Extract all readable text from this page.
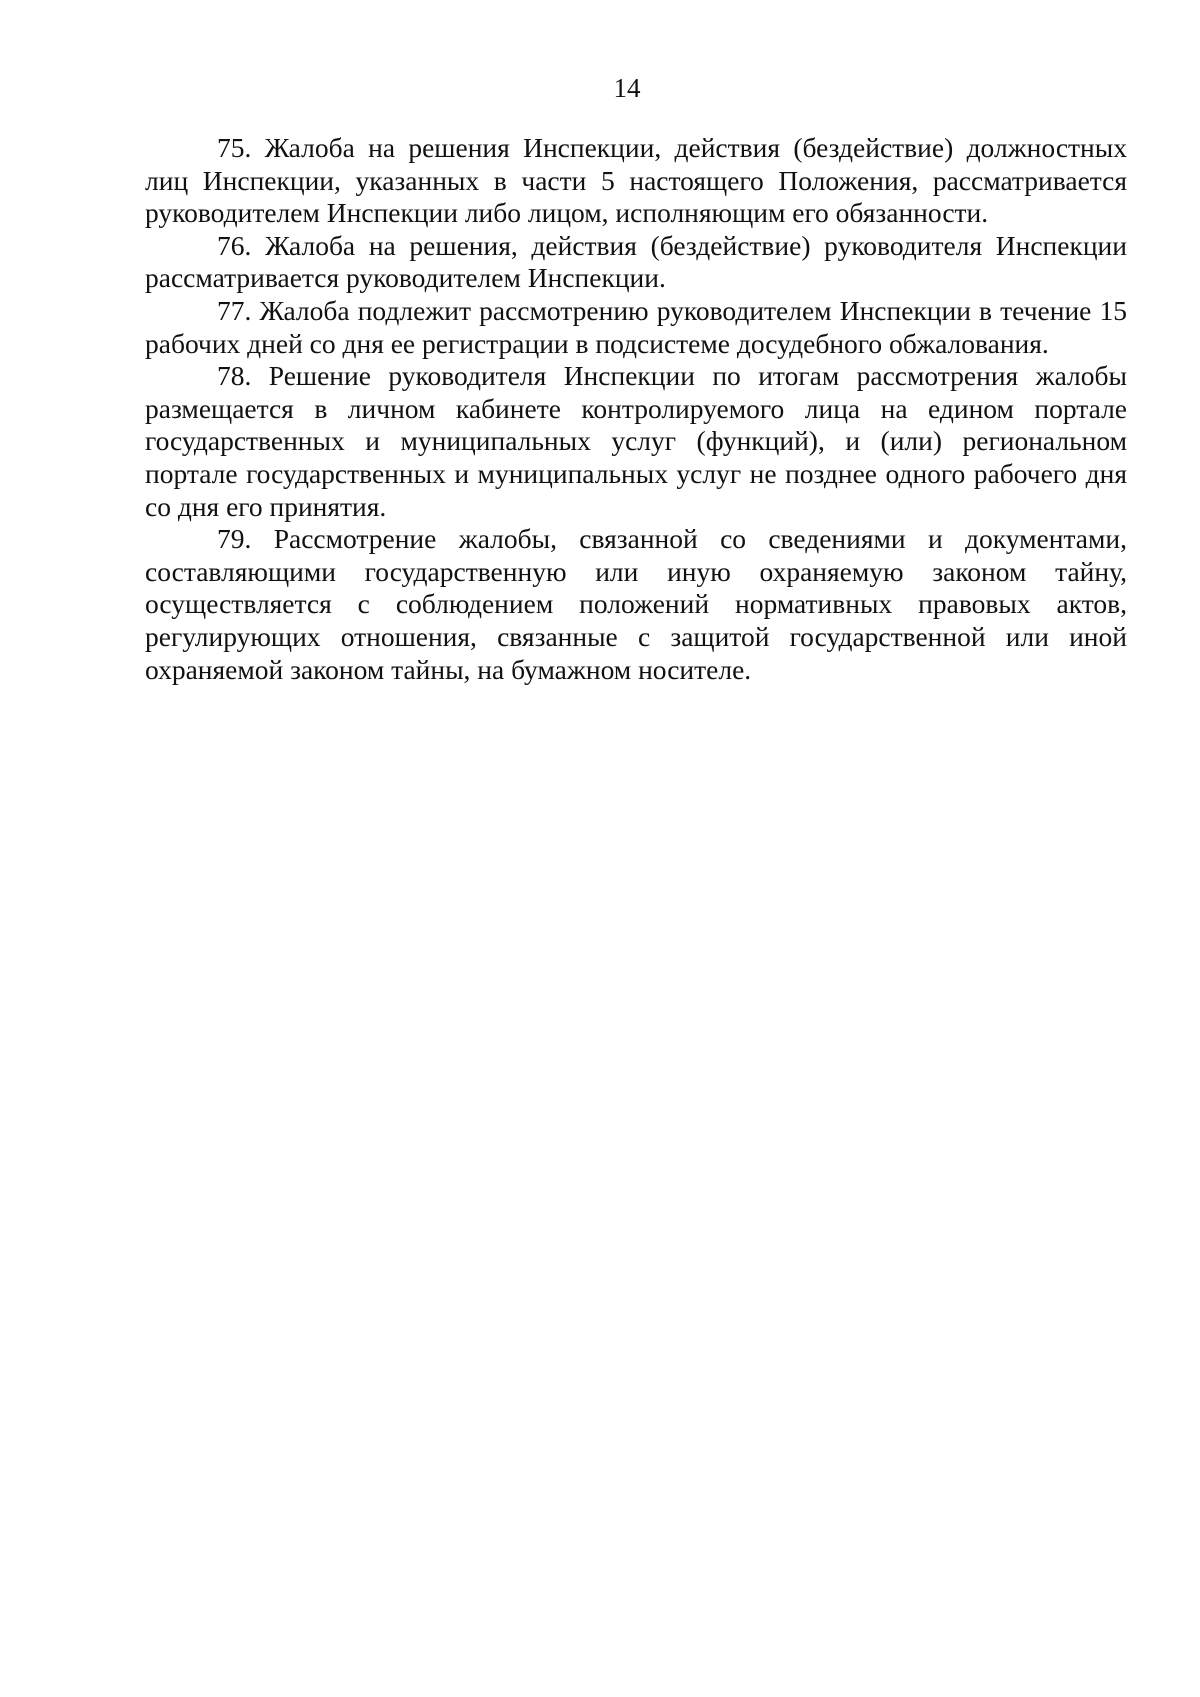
14

75. Жалоба на решения Инспекции, действия (бездействие) должностных лиц Инспекции, указанных в части 5 настоящего Положения, рассматривается руководителем Инспекции либо лицом, исполняющим его обязанности.

76. Жалоба на решения, действия (бездействие) руководителя Инспекции рассматривается руководителем Инспекции.

77. Жалоба подлежит рассмотрению руководителем Инспекции в течение 15 рабочих дней со дня ее регистрации в подсистеме досудебного обжалования.

78. Решение руководителя Инспекции по итогам рассмотрения жалобы размещается в личном кабинете контролируемого лица на едином портале государственных и муниципальных услуг (функций), и (или) региональном портале государственных и муниципальных услуг не позднее одного рабочего дня со дня его принятия.

79. Рассмотрение жалобы, связанной со сведениями и документами, составляющими государственную или иную охраняемую законом тайну, осуществляется с соблюдением положений нормативных правовых актов, регулирующих отношения, связанные с защитой государственной или иной охраняемой законом тайны, на бумажном носителе.
